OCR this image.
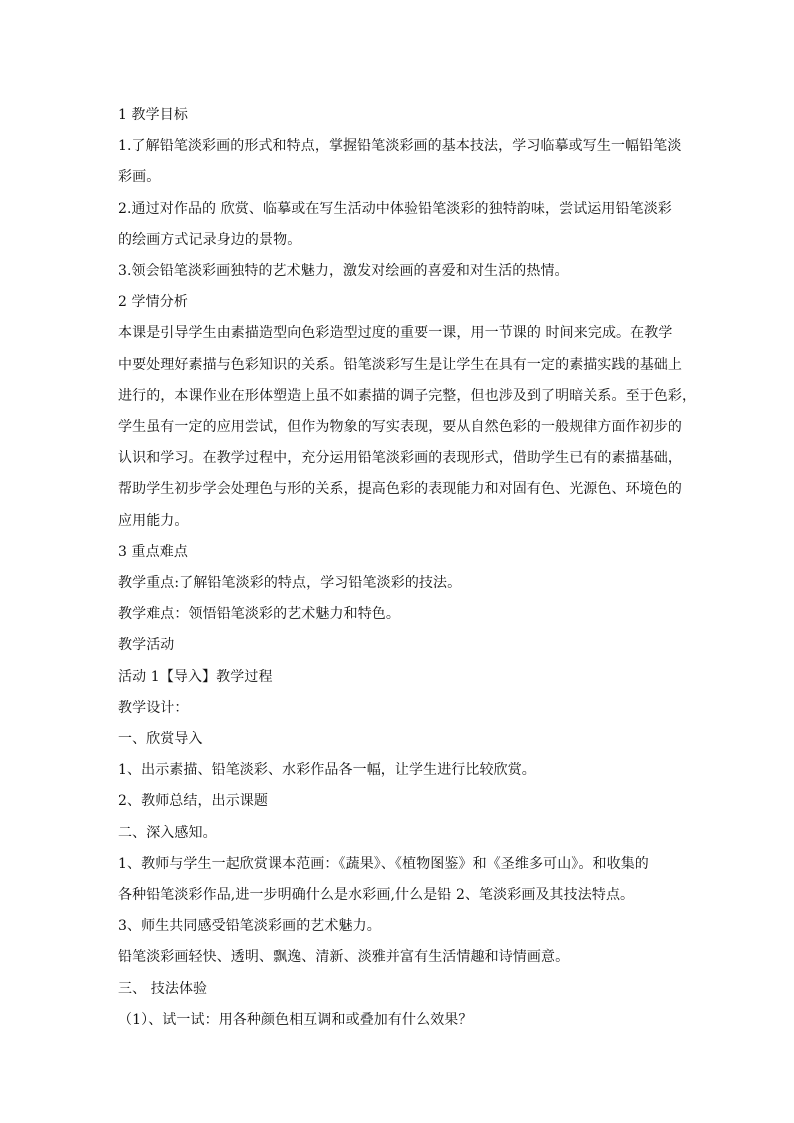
1 教学目标
1.了解铅笔淡彩画的形式和特点，掌握铅笔淡彩画的基本技法，学习临摹或写生一幅铅笔淡
彩画。
2.通过对作品的 欣赏、临摹或在写生活动中体验铅笔淡彩的独特韵味，尝试运用铅笔淡彩
的绘画方式记录身边的景物。
3.领会铅笔淡彩画独特的艺术魅力，激发对绘画的喜爱和对生活的热情。
2 学情分析
本课是引导学生由素描造型向色彩造型过度的重要一课，用一节课的 时间来完成。在教学
中要处理好素描与色彩知识的关系。铅笔淡彩写生是让学生在具有一定的素描实践的基础上
进行的，本课作业在形体塑造上虽不如素描的调子完整，但也涉及到了明暗关系。至于色彩，
学生虽有一定的应用尝试，但作为物象的写实表现，要从自然色彩的一般规律方面作初步的
认识和学习。在教学过程中，充分运用铅笔淡彩画的表现形式，借助学生已有的素描基础，
帮助学生初步学会处理色与形的关系，提高色彩的表现能力和对固有色、光源色、环境色的
应用能力。
3 重点难点
教学重点:了解铅笔淡彩的特点，学习铅笔淡彩的技法。
教学难点：领悟铅笔淡彩的艺术魅力和特色。
教学活动
活动 1【导入】教学过程
教学设计：
一、欣赏导入
1、出示素描、铅笔淡彩、水彩作品各一幅，让学生进行比较欣赏。
2、教师总结，出示课题
二、深入感知。
1、教师与学生一起欣赏课本范画：《蔬果》、《植物图鉴》和《圣维多可山》。和收集的
各种铅笔淡彩作品,进一步明确什么是水彩画,什么是铅 2、笔淡彩画及其技法特点。
3、师生共同感受铅笔淡彩画的艺术魅力。
铅笔淡彩画轻快、透明、飘逸、清新、淡雅并富有生活情趣和诗情画意。
三、 技法体验
（1）、试一试：用各种颜色相互调和或叠加有什么效果？
